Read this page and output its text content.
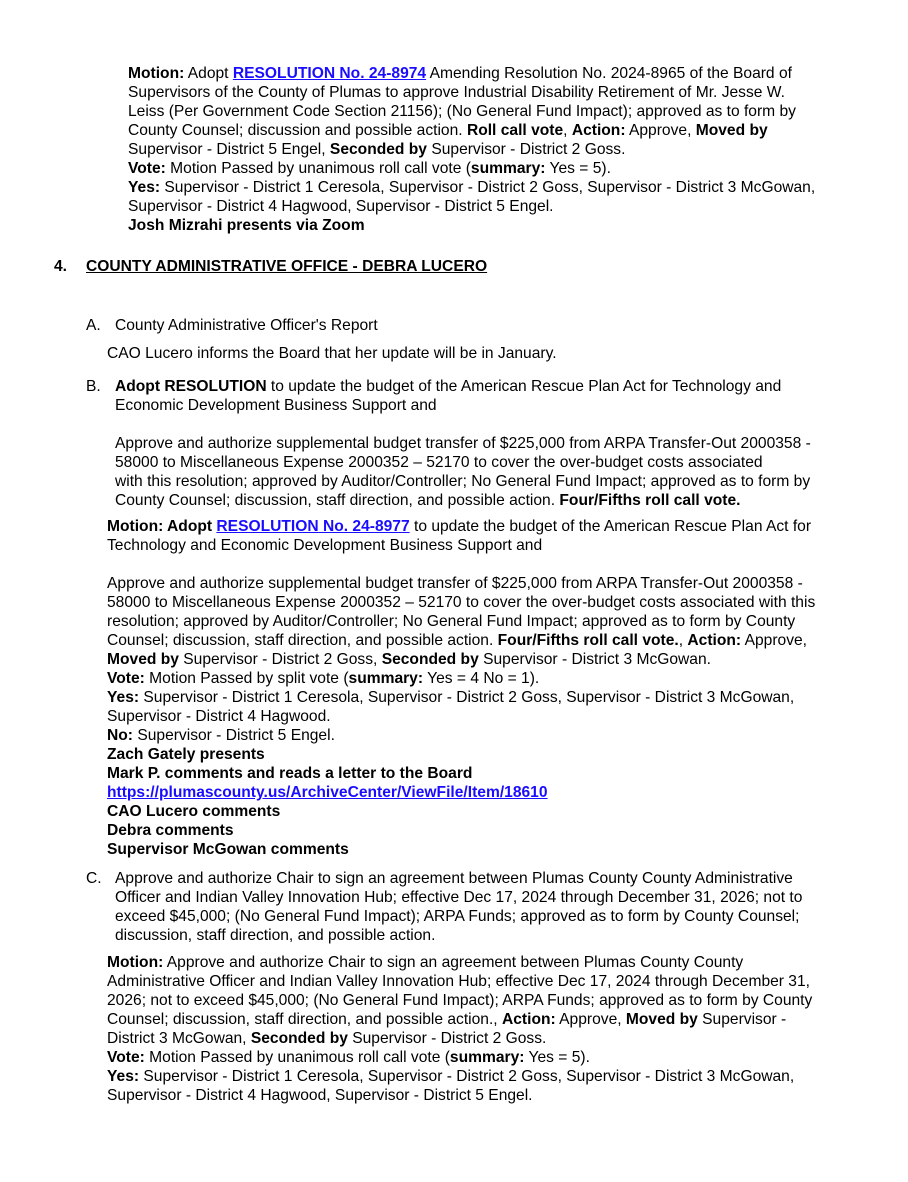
Motion: Adopt RESOLUTION No. 24-8974 Amending Resolution No. 2024-8965 of the Board of
Supervisors of the County of Plumas to approve Industrial Disability Retirement of Mr. Jesse W.
Leiss (Per Government Code Section 21156); (No General Fund Impact); approved as to form by
County Counsel; discussion and possible action. Roll call vote, Action: Approve, Moved by
Supervisor - District 5 Engel, Seconded by Supervisor - District 2 Goss.
Vote: Motion Passed by unanimous roll call vote (summary: Yes = 5).
Yes: Supervisor - District 1 Ceresola, Supervisor - District 2 Goss, Supervisor - District 3 McGowan,
Supervisor - District 4 Hagwood, Supervisor - District 5 Engel.
Josh Mizrahi presents via Zoom
4. COUNTY ADMINISTRATIVE OFFICE - DEBRA LUCERO
A. County Administrative Officer's Report
CAO Lucero informs the Board that her update will be in January.
B. Adopt RESOLUTION to update the budget of the American Rescue Plan Act for Technology and
Economic Development Business Support and
Approve and authorize supplemental budget transfer of $225,000 from ARPA Transfer-Out 2000358 -
58000 to Miscellaneous Expense 2000352 – 52170 to cover the over-budget costs associated
with this resolution; approved by Auditor/Controller; No General Fund Impact; approved as to form by
County Counsel; discussion, staff direction, and possible action. Four/Fifths roll call vote.
Motion: Adopt RESOLUTION No. 24-8977 to update the budget of the American Rescue Plan Act for
Technology and Economic Development Business Support and
Approve and authorize supplemental budget transfer of $225,000 from ARPA Transfer-Out 2000358 -
58000 to Miscellaneous Expense 2000352 – 52170 to cover the over-budget costs associated with this
resolution; approved by Auditor/Controller; No General Fund Impact; approved as to form by County
Counsel; discussion, staff direction, and possible action. Four/Fifths roll call vote., Action: Approve,
Moved by Supervisor - District 2 Goss, Seconded by Supervisor - District 3 McGowan.
Vote: Motion Passed by split vote (summary: Yes = 4 No = 1).
Yes: Supervisor - District 1 Ceresola, Supervisor - District 2 Goss, Supervisor - District 3 McGowan,
Supervisor - District 4 Hagwood.
No: Supervisor - District 5 Engel.
Zach Gately presents
Mark P. comments and reads a letter to the Board
https://plumascounty.us/ArchiveCenter/ViewFile/Item/18610
CAO Lucero comments
Debra comments
Supervisor McGowan comments
C. Approve and authorize Chair to sign an agreement between Plumas County County Administrative
Officer and Indian Valley Innovation Hub; effective Dec 17, 2024 through December 31, 2026; not to
exceed $45,000; (No General Fund Impact); ARPA Funds; approved as to form by County Counsel;
discussion, staff direction, and possible action.
Motion: Approve and authorize Chair to sign an agreement between Plumas County County
Administrative Officer and Indian Valley Innovation Hub; effective Dec 17, 2024 through December 31,
2026; not to exceed $45,000; (No General Fund Impact); ARPA Funds; approved as to form by County
Counsel; discussion, staff direction, and possible action., Action: Approve, Moved by Supervisor -
District 3 McGowan, Seconded by Supervisor - District 2 Goss.
Vote: Motion Passed by unanimous roll call vote (summary: Yes = 5).
Yes: Supervisor - District 1 Ceresola, Supervisor - District 2 Goss, Supervisor - District 3 McGowan,
Supervisor - District 4 Hagwood, Supervisor - District 5 Engel.
